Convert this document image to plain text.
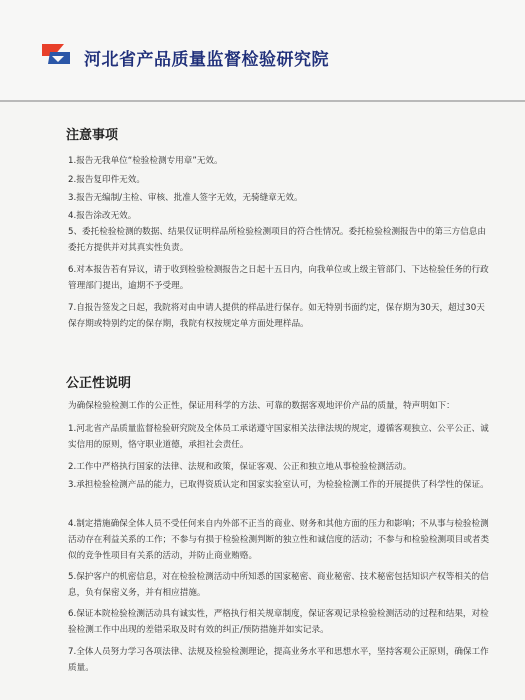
河北省产品质量监督检验研究院
注意事项
1.报告无我单位“检验检测专用章”无效。
2.报告复印件无效。
3.报告无编制/主检、审核、批准人签字无效，无骑缝章无效。
4.报告涂改无效。
5、委托检验检测的数据、结果仅证明样品所检验检测项目的符合性情况。委托检验检测报告中的第三方信息由委托方提供并对其真实性负责。
6.对本报告若有异议，请于收到检验检测报告之日起十五日内，向我单位或上级主管部门、下达检验任务的行政管理部门提出，逾期不予受理。
7.自报告签发之日起，我院将对由申请人提供的样品进行保存。如无特别书面约定，保存期为30天，超过30天保存期或特别约定的保存期，我院有权按规定单方面处理样品。
公正性说明
为确保检验检测工作的公正性，保证用科学的方法、可靠的数据客观地评价产品的质量，特声明如下：
1.河北省产品质量监督检验研究院及全体员工承诺遵守国家相关法律法规的规定，遵循客观独立、公平公正、诚实信用的原则，恪守职业道德，承担社会责任。
2.工作中严格执行国家的法律、法规和政策，保证客观、公正和独立地从事检验检测活动。
3.承担检验检测产品的能力，已取得资质认定和国家实验室认可，为检验检测工作的开展提供了科学性的保证。
4.制定措施确保全体人员不受任何来自内外部不正当的商业、财务和其他方面的压力和影响；不从事与检验检测活动存在利益关系的工作；不参与有损于检验检测判断的独立性和诚信度的活动；不参与和检验检测项目或者类似的竞争性项目有关系的活动，并防止商业贿赂。
5.保护客户的机密信息，对在检验检测活动中所知悉的国家秘密、商业秘密、技术秘密包括知识产权等相关的信息，负有保密义务，并有相应措施。
6.保证本院检验检测活动具有诚实性，严格执行相关规章制度，保证客观记录检验检测活动的过程和结果，对检验检测工作中出现的差错采取及时有效的纠正/预防措施并如实记录。
7.全体人员努力学习各项法律、法规及检验检测理论，提高业务水平和思想水平，坚持客观公正原则，确保工作质量。
